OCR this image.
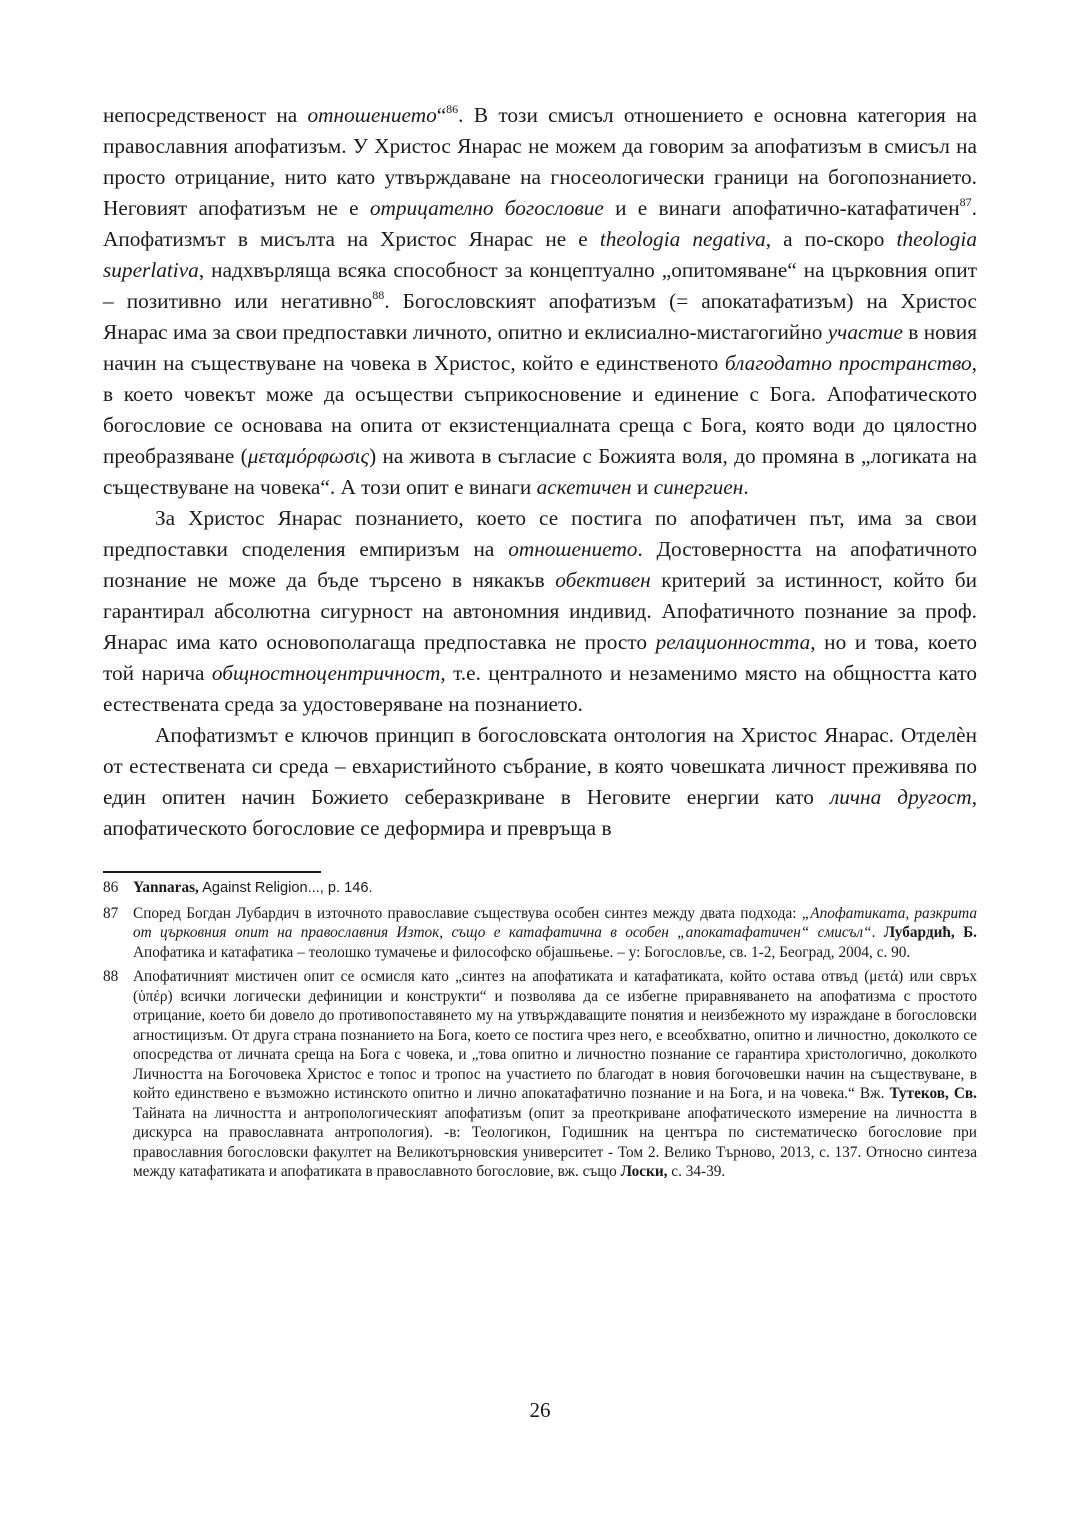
непосредственост на отношението“$^{86}$. В този смисъл отношението е основна категория на православния апофатизъм. У Христос Янарас не можем да говорим за апофатизъм в смисъл на просто отрицание, нито като утвърждаване на гносеологически граници на богопознанието. Неговият апофатизъм не е отрицателно богословие и е винаги апофатично-катафатичен$^{87}$. Апофатизмът в мисълта на Христос Янарас не е theologia negativa, а по-скоро theologia superlativa, надхвърляща всяка способност за концептуално „опитомяване“ на църковния опит – позитивно или негативно$^{88}$. Богословският апофатизъм (= апокатафатизъм) на Христос Янарас има за свои предпоставки личното, опитно и еклисиално-мистагогийно участие в новия начин на съществуване на човека в Христос, който е единственото благодатно пространство, в което човекът може да осъществи съприкосновение и единение с Бога. Апофатическото богословие се основава на опита от екзистенциалната среща с Бога, която води до цялостно преобразяване (μεταμόρφωσις) на живота в съгласие с Божията воля, до промяна в „логиката на съществуване на човека“. А този опит е винаги аскетичен и синергиен.

За Христос Янарас познанието, което се постига по апофатичен път, има за свои предпоставки споделения емпиризъм на отношението. Достоверността на апофатичното познание не може да бъде търсено в някакъв обективен критерий за истинност, който би гарантирал абсолютна сигурност на автономния индивид. Апофатичното познание за проф. Янарас има като основополагаща предпоставка не просто релационността, но и това, което той нарича общностноцентричност, т.е. централното и незаменимо място на общността като естествената среда за удостоверяване на познанието.

Апофатизмът е ключов принцип в богословската онтология на Христос Янарас. Отделѐн от естествената си среда – евхаристийното събрание, в която човешката личност преживява по един опитен начин Божието себеразкриване в Неговите енергии като лична другост, апофатическото богословие се деформира и превръща в

86 Yannaras, Against Religion..., p. 146.

87 Според Богдан Лубардич в източното православие съществува особен синтез между двата подхода: „Апофатиката, разкрита от църковния опит на православния Изток, също е катафатична в особен „апокатафатичен“ смисъл“. Лубардић, Б. Апофатика и катафатика – теолошко тумачење и философско објашњење. – у: Богословље, св. 1-2, Београд, 2004, с. 90.

88 Апофатичният мистичен опит се осмисля като „синтез на апофатиката и катафатиката, който остава отвъд (μετά) или свръх (ὑπέρ) всички логически дефиниции и конструкти“ и позволява да се избегне приравняването на апофатизма с простото отрицание, което би довело до противопоставянето му на утвърждаващите понятия и неизбежното му израждане в богословски агностицизъм. От друга страна познанието на Бога, което се постига чрез него, е всеобхватно, опитно и личностно, доколкото се опосредства от личната среща на Бога с човека, и „това опитно и личностно познание се гарантира христологично, доколкото Личността на Богочовека Христос е топос и тропос на участието по благодат в новия богочовешки начин на съществуване, в който единствено е възможно истинското опитно и лично апокатафатично познание и на Бога, и на човека.“ Вж. Тутеков, Св. Тайната на личността и антропологическият апофатизъм (опит за преоткриване апофатическото измерение на личността в дискурса на православната антропология). -в: Теологикон, Годишник на центъра по систематическо богословие при православния богословски факултет на Великотърновския университет - Том 2. Велико Търново, 2013, с. 137. Относно синтеза между катафатиката и апофатиката в православното богословие, вж. също Лоски, с. 34-39.

26
